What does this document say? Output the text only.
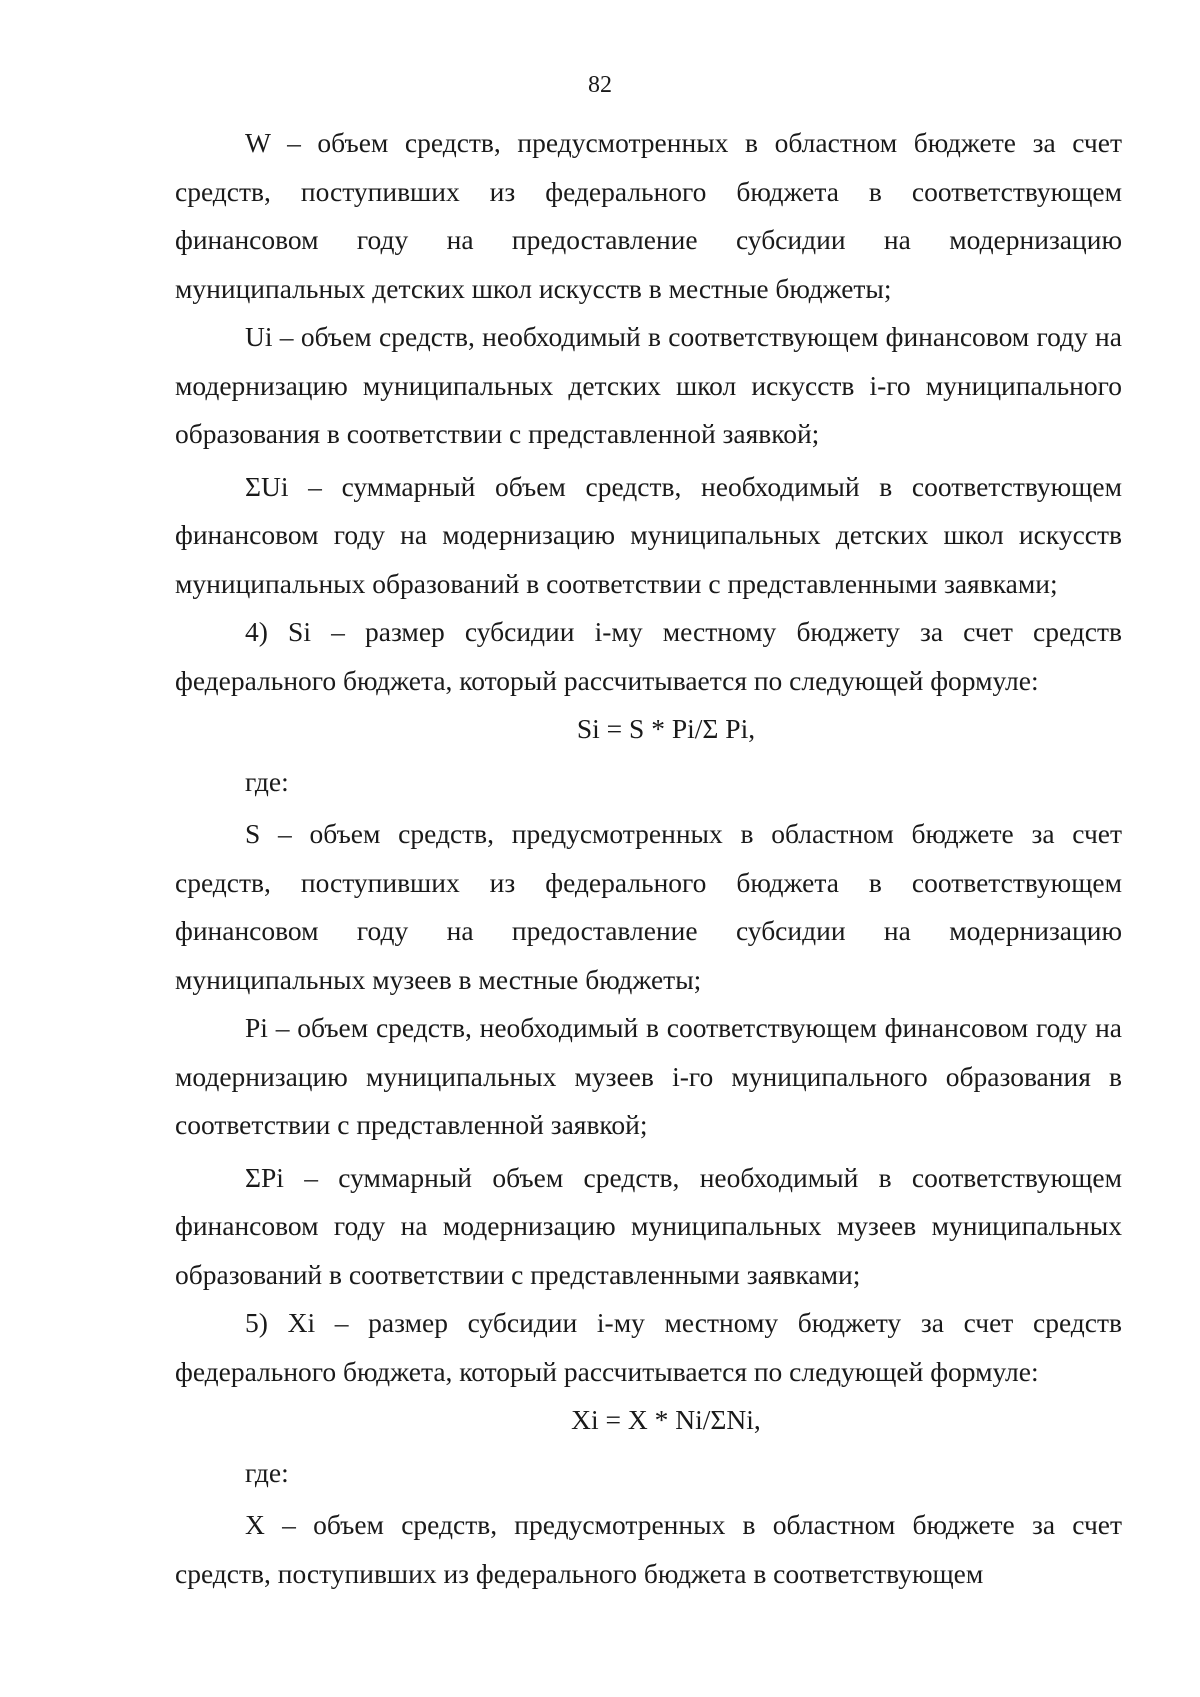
82

W – объем средств, предусмотренных в областном бюджете за счет средств, поступивших из федерального бюджета в соответствующем финансовом году на предоставление субсидии на модернизацию муниципальных детских школ искусств в местные бюджеты;

Ui – объем средств, необходимый в соответствующем финансовом году на модернизацию муниципальных детских школ искусств i-го муниципального образования в соответствии с представленной заявкой;

ΣUi – суммарный объем средств, необходимый в соответствующем финансовом году на модернизацию муниципальных детских школ искусств муниципальных образований в соответствии с представленными заявками;

4) Si – размер субсидии i-му местному бюджету за счет средств федерального бюджета, который рассчитывается по следующей формуле:

Si = S * Pi/Σ Pi,

где:

S – объем средств, предусмотренных в областном бюджете за счет средств, поступивших из федерального бюджета в соответствующем финансовом году на предоставление субсидии на модернизацию муниципальных музеев в местные бюджеты;

Pi – объем средств, необходимый в соответствующем финансовом году на модернизацию муниципальных музеев i-го муниципального образования в соответствии с представленной заявкой;

ΣPi – суммарный объем средств, необходимый в соответствующем финансовом году на модернизацию муниципальных музеев муниципальных образований в соответствии с представленными заявками;

5) Xi – размер субсидии i-му местному бюджету за счет средств федерального бюджета, который рассчитывается по следующей формуле:

Xi = X * Ni/ΣNi,

где:

X – объем средств, предусмотренных в областном бюджете за счет средств, поступивших из федерального бюджета в соответствующем
